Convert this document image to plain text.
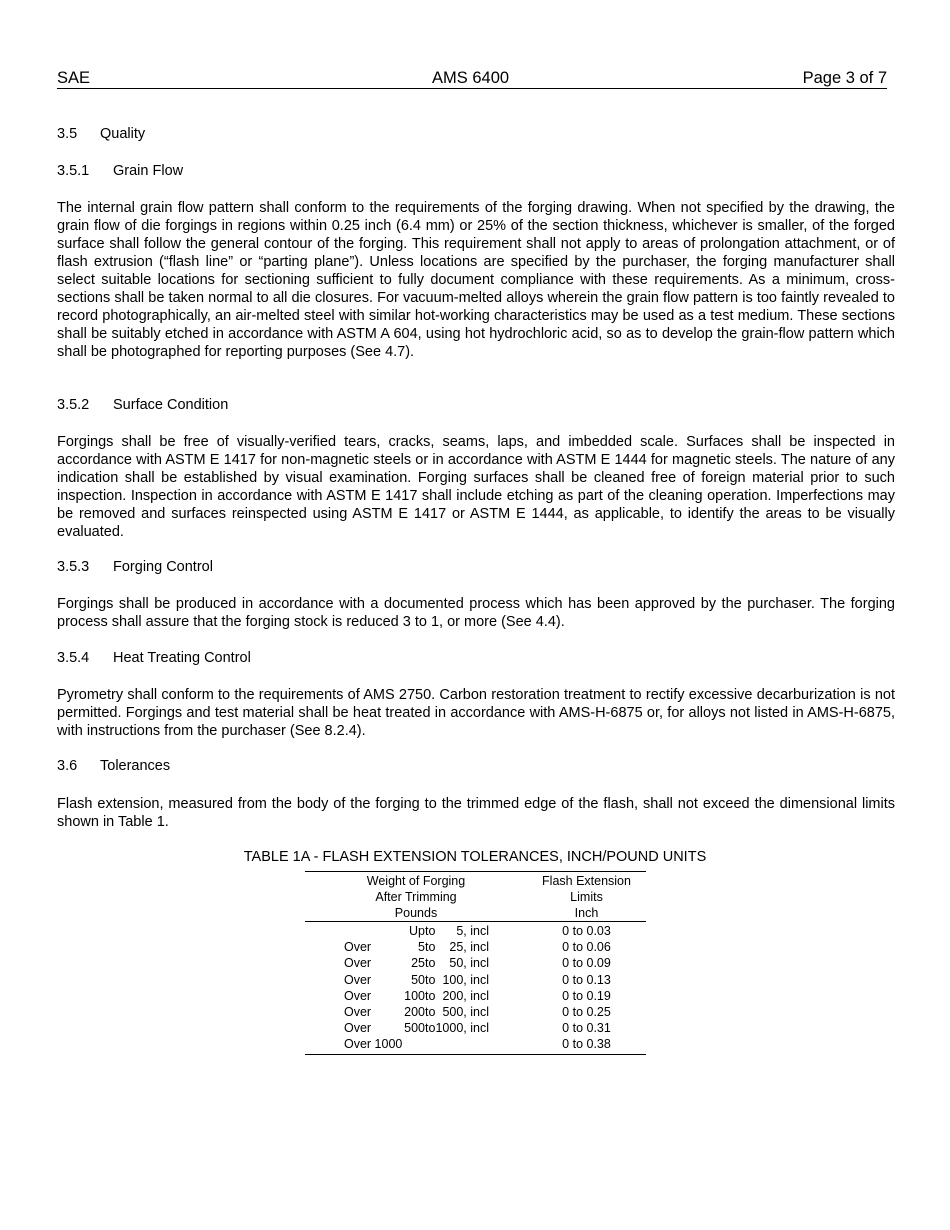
SAE	AMS 6400	Page 3 of 7
3.5 Quality
3.5.1 Grain Flow
The internal grain flow pattern shall conform to the requirements of the forging drawing. When not specified by the drawing, the grain flow of die forgings in regions within 0.25 inch (6.4 mm) or 25% of the section thickness, whichever is smaller, of the forged surface shall follow the general contour of the forging. This requirement shall not apply to areas of prolongation attachment, or of flash extrusion (“flash line” or “parting plane”). Unless locations are specified by the purchaser, the forging manufacturer shall select suitable locations for sectioning sufficient to fully document compliance with these requirements. As a minimum, cross-sections shall be taken normal to all die closures. For vacuum-melted alloys wherein the grain flow pattern is too faintly revealed to record photographically, an air-melted steel with similar hot-working characteristics may be used as a test medium. These sections shall be suitably etched in accordance with ASTM A 604, using hot hydrochloric acid, so as to develop the grain-flow pattern which shall be photographed for reporting purposes (See 4.7).
3.5.2 Surface Condition
Forgings shall be free of visually-verified tears, cracks, seams, laps, and imbedded scale. Surfaces shall be inspected in accordance with ASTM E 1417 for non-magnetic steels or in accordance with ASTM E 1444 for magnetic steels. The nature of any indication shall be established by visual examination. Forging surfaces shall be cleaned free of foreign material prior to such inspection. Inspection in accordance with ASTM E 1417 shall include etching as part of the cleaning operation. Imperfections may be removed and surfaces reinspected using ASTM E 1417 or ASTM E 1444, as applicable, to identify the areas to be visually evaluated.
3.5.3 Forging Control
Forgings shall be produced in accordance with a documented process which has been approved by the purchaser. The forging process shall assure that the forging stock is reduced 3 to 1, or more (See 4.4).
3.5.4 Heat Treating Control
Pyrometry shall conform to the requirements of AMS 2750. Carbon restoration treatment to rectify excessive decarburization is not permitted. Forgings and test material shall be heat treated in accordance with AMS-H-6875 or, for alloys not listed in AMS-H-6875, with instructions from the purchaser (See 8.2.4).
3.6 Tolerances
Flash extension, measured from the body of the forging to the trimmed edge of the flash, shall not exceed the dimensional limits shown in Table 1.
TABLE 1A - FLASH EXTENSION TOLERANCES, INCH/POUND UNITS
Weight of Forging
After Trimming
Pounds
Flash Extension
Limits
Inch
Up to 5, incl	0 to 0.03
Over	5 to 25, incl	0 to 0.06
Over	25 to 50, incl	0 to 0.09
Over	50 to 100, incl	0 to 0.13
Over	100 to 200, incl	0 to 0.19
Over	200 to 500, incl	0 to 0.25
Over	500 to 1000, incl	0 to 0.31
Over 1000	0 to 0.38
